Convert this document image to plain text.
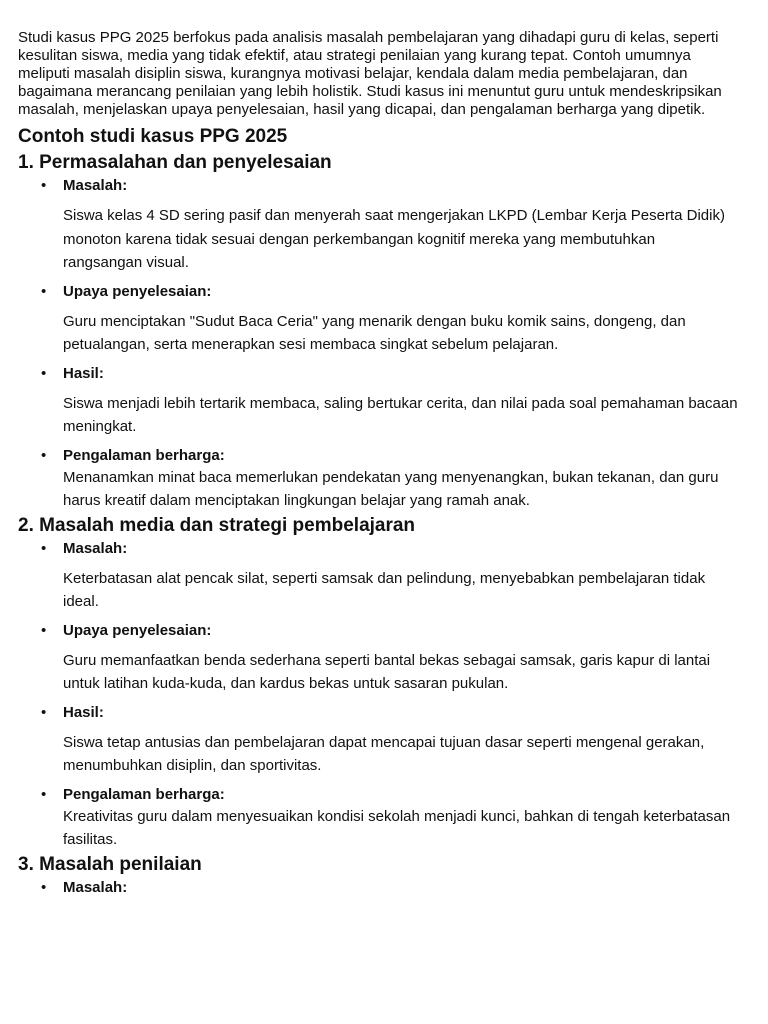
Studi kasus PPG 2025 berfokus pada analisis masalah pembelajaran yang dihadapi guru di kelas, seperti kesulitan siswa, media yang tidak efektif, atau strategi penilaian yang kurang tepat. Contoh umumnya meliputi masalah disiplin siswa, kurangnya motivasi belajar, kendala dalam media pembelajaran, dan bagaimana merancang penilaian yang lebih holistik. Studi kasus ini menuntut guru untuk mendeskripsikan masalah, menjelaskan upaya penyelesaian, hasil yang dicapai, dan pengalaman berharga yang dipetik.

Contoh studi kasus PPG 2025
1. Permasalahan dan penyelesaian
• Masalah:
Siswa kelas 4 SD sering pasif dan menyerah saat mengerjakan LKPD (Lembar Kerja Peserta Didik) monoton karena tidak sesuai dengan perkembangan kognitif mereka yang membutuhkan rangsangan visual.
• Upaya penyelesaian:
Guru menciptakan "Sudut Baca Ceria" yang menarik dengan buku komik sains, dongeng, dan petualangan, serta menerapkan sesi membaca singkat sebelum pelajaran.
• Hasil:
Siswa menjadi lebih tertarik membaca, saling bertukar cerita, dan nilai pada soal pemahaman bacaan meningkat.
• Pengalaman berharga:
Menanamkan minat baca memerlukan pendekatan yang menyenangkan, bukan tekanan, dan guru harus kreatif dalam menciptakan lingkungan belajar yang ramah anak.
2. Masalah media dan strategi pembelajaran
• Masalah:
Keterbatasan alat pencak silat, seperti samsak dan pelindung, menyebabkan pembelajaran tidak ideal.
• Upaya penyelesaian:
Guru memanfaatkan benda sederhana seperti bantal bekas sebagai samsak, garis kapur di lantai untuk latihan kuda-kuda, dan kardus bekas untuk sasaran pukulan.
• Hasil:
Siswa tetap antusias dan pembelajaran dapat mencapai tujuan dasar seperti mengenal gerakan, menumbuhkan disiplin, dan sportivitas.
• Pengalaman berharga:
Kreativitas guru dalam menyesuaikan kondisi sekolah menjadi kunci, bahkan di tengah keterbatasan fasilitas.
3. Masalah penilaian
• Masalah:
